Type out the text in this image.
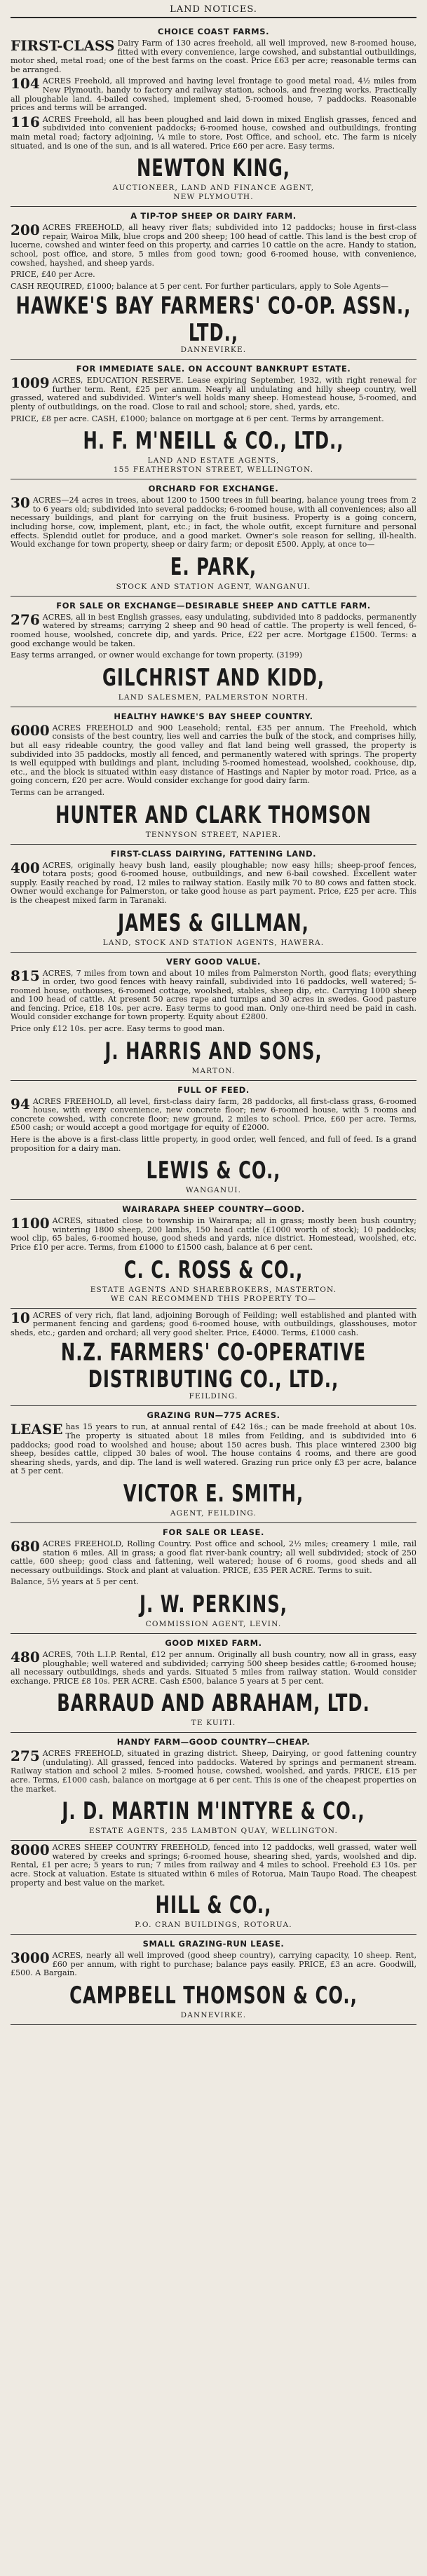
LAND NOTICES.
CHOICE COAST FARMS.
FIRST-CLASS Dairy Farm of 130 acres freehold, all well improved, new 8-roomed house, fitted with every convenience, large cowshed, and substantial outbuildings, motor shed, metal road; one of the best farms on the coast. Price £63 per acre; reasonable terms can be arranged.
104 ACRES Freehold, all improved and having level frontage to good metal road, 4½ miles from New Plymouth, handy to factory and railway station, schools, and freezing works. Practically all ploughable land. 4-bailed cowshed, implement shed, 5-roomed house, 7 paddocks. Reasonable prices and terms will be arranged.
116 ACRES Freehold, all has been ploughed and laid down in mixed English grasses, fenced and subdivided into convenient paddocks; 6-roomed house, cowshed and outbuildings, fronting main metal road; factory adjoining, ¼ mile to store, Post Office, and school, etc. The farm is nicely situated, and is one of the sun, and is all watered. Price £60 per acre. Easy terms.
NEWTON KING,
AUCTIONEER, LAND AND FINANCE AGENT,
NEW PLYMOUTH.
A TIP-TOP SHEEP OR DAIRY FARM.
200 ACRES FREEHOLD, all heavy river flats; subdivided into 12 paddocks; house in first-class repair, Wairoa Milk, blue crops and 200 sheep; 100 head of cattle. This land is the best crop of lucerne, cowshed and winter feed on this property, and carries 10 cattle on the acre. Handy to station, school, post office, and store, 5 miles from good town; good 6-roomed house, with convenience, cowshed, hayshed, and sheep yards.
PRICE, £40 per Acre.
CASH REQUIRED, £1000; balance at 5 per cent. For further particulars, apply to Sole Agents—
HAWKE'S BAY FARMERS' CO-OP. ASSN., LTD.,
DANNEVIRKE.
FOR IMMEDIATE SALE. ON ACCOUNT BANKRUPT ESTATE.
1009 ACRES, EDUCATION RESERVE. Lease expiring September, 1932, with right renewal for further term. Rent, £25 per annum. Nearly all undulating and hilly sheep country, well grassed, watered and subdivided. Winter's well holds many sheep. Homestead house, 5-roomed, and plenty of outbuildings, on the road. Close to rail and school; store, shed, yards, etc.
PRICE, £8 per acre. CASH, £1000; balance on mortgage at 6 per cent. Terms by arrangement.
H. F. M'NEILL & CO., LTD.,
LAND AND ESTATE AGENTS,
155 FEATHERSTON STREET, WELLINGTON.
ORCHARD FOR EXCHANGE.
30 ACRES—24 acres in trees, about 1200 to 1500 trees in full bearing, balance young trees from 2 to 6 years old; subdivided into several paddocks; 6-roomed house, with all conveniences; also all necessary buildings, and plant for carrying on the fruit business. Property is a going concern, including horse, cow, implement, plant, etc.; in fact, the whole outfit, except furniture and personal effects. Splendid outlet for produce, and a good market. Owner's sole reason for selling, ill-health. Would exchange for town property, sheep or dairy farm; or deposit £500. Apply, at once to—
E. PARK,
STOCK AND STATION AGENT, WANGANUI.
FOR SALE OR EXCHANGE—DESIRABLE SHEEP AND CATTLE FARM.
276 ACRES, all in best English grasses, easy undulating, subdivided into 8 paddocks, permanently watered by streams; carrying 2 sheep and 90 head of cattle. The property is well fenced, 6-roomed house, woolshed, concrete dip, and yards. Price, £22 per acre. Mortgage £1500. Terms: a good exchange would be taken.
Easy terms arranged, or owner would exchange for town property. (3199)
GILCHRIST AND KIDD,
LAND SALESMEN, PALMERSTON NORTH.
HEALTHY HAWKE'S BAY SHEEP COUNTRY.
6000 ACRES FREEHOLD and 900 Leasehold; rental, £35 per annum. The Freehold, which consists of the best country, lies well and carries the bulk of the stock, and comprises hilly, but all easy rideable country, the good valley and flat land being well grassed, the property is subdivided into 35 paddocks, mostly all fenced, and permanently watered with springs. The property is well equipped with buildings and plant, including 5-roomed homestead, woolshed, cookhouse, dip, etc., and the block is situated within easy distance of Hastings and Napier by motor road. Price, as a going concern, £20 per acre. Would consider exchange for good dairy farm.
Terms can be arranged.
HUNTER AND CLARK THOMSON
TENNYSON STREET, NAPIER.
FIRST-CLASS DAIRYING, FATTENING LAND.
400 ACRES, originally heavy bush land, easily ploughable; now easy hills; sheep-proof fences, totara posts; good 6-roomed house, outbuildings, and new 6-bail cowshed. Excellent water supply. Easily reached by road, 12 miles to railway station. Easily milk 70 to 80 cows and fatten stock. Owner would exchange for Palmerston, or take good house as part payment. Price, £25 per acre. This is the cheapest mixed farm in Taranaki.
JAMES & GILLMAN,
LAND, STOCK AND STATION AGENTS, HAWERA.
VERY GOOD VALUE.
815 ACRES, 7 miles from town and about 10 miles from Palmerston North, good flats; everything in order, two good fences with heavy rainfall, subdivided into 16 paddocks, well watered; 5-roomed house, outhouses, 6-roomed cottage, woolshed, stables, sheep dip, etc. Carrying 1000 sheep and 100 head of cattle. At present 50 acres rape and turnips and 30 acres in swedes. Good pasture and fencing. Price, £18 10s. per acre. Easy terms to good man. Only one-third need be paid in cash. Would consider exchange for town property. Equity about £2800.
Price only £12 10s. per acre. Easy terms to good man.
J. HARRIS AND SONS,
MARTON.
FULL OF FEED.
94 ACRES FREEHOLD, all level, first-class dairy farm, 28 paddocks, all first-class grass, 6-roomed house, with every convenience, new concrete floor; new 6-roomed house, with 5 rooms and concrete cowshed, with concrete floor; new ground, 2 miles to school. Price, £60 per acre. Terms, £500 cash; or would accept a good mortgage for equity of £2000.
Here is the above is a first-class little property, in good order, well fenced, and full of feed. Is a grand proposition for a dairy man.
LEWIS & CO.,
WANGANUI.
WAIRARAPA SHEEP COUNTRY—GOOD.
1100 ACRES, situated close to township in Wairarapa; all in grass; mostly been bush country; wintering 1800 sheep, 200 lambs, 150 head cattle (£1000 worth of stock); 10 paddocks; wool clip, 65 bales, 6-roomed house, good sheds and yards, nice district. Homestead, woolshed, etc. Price £10 per acre. Terms, from £1000 to £1500 cash, balance at 6 per cent.
C. C. ROSS & CO.,
ESTATE AGENTS AND SHAREBROKERS, MASTERTON.
WE CAN RECOMMEND THIS PROPERTY TO—
10 ACRES of very rich, flat land, adjoining Borough of Feilding; well established and planted with permanent fencing and gardens; good 6-roomed house, with outbuildings, glasshouses, motor sheds, etc.; garden and orchard; all very good shelter. Price, £4000. Terms, £1000 cash.
N.Z. FARMERS' CO-OPERATIVE DISTRIBUTING CO., LTD.,
FEILDING.
GRAZING RUN—775 ACRES.
LEASE has 15 years to run, at annual rental of £42 16s.; can be made freehold at about 10s. The property is situated about 18 miles from Feilding, and is subdivided into 6 paddocks; good road to woolshed and house; about 150 acres bush. This place wintered 2300 big sheep, besides cattle, clipped 30 bales of wool. The house contains 4 rooms, and there are good shearing sheds, yards, and dip. The land is well watered. Grazing run price only £3 per acre, balance at 5 per cent.
VICTOR E. SMITH,
AGENT, FEILDING.
FOR SALE OR LEASE.
680 ACRES FREEHOLD, Rolling Country. Post office and school, 2½ miles; creamery 1 mile, rail station 6 miles. All in grass; a good flat river-bank country; all well subdivided; stock of 250 cattle, 600 sheep; good class and fattening, well watered; house of 6 rooms, good sheds and all necessary outbuildings. Stock and plant at valuation. PRICE, £35 PER ACRE. Terms to suit.
Balance, 5½ years at 5 per cent.
J. W. PERKINS,
COMMISSION AGENT, LEVIN.
GOOD MIXED FARM.
480 ACRES, 70th L.I.P. Rental, £12 per annum. Originally all bush country, now all in grass, easy ploughable; well watered and subdivided; carrying 500 sheep besides cattle; 6-roomed house; all necessary outbuildings, sheds and yards. Situated 5 miles from railway station. Would consider exchange. PRICE £8 10s. PER ACRE. Cash £500, balance 5 years at 5 per cent.
BARRAUD AND ABRAHAM, LTD.
TE KUITI.
HANDY FARM—GOOD COUNTRY—CHEAP.
275 ACRES FREEHOLD, situated in grazing district. Sheep, Dairying, or good fattening country (undulating). All grassed, fenced into paddocks. Watered by springs and permanent stream. Railway station and school 2 miles. 5-roomed house, cowshed, woolshed, and yards. PRICE, £15 per acre. Terms, £1000 cash, balance on mortgage at 6 per cent. This is one of the cheapest properties on the market.
J. D. MARTIN M'INTYRE & CO.,
ESTATE AGENTS, 235 LAMBTON QUAY, WELLINGTON.
8000 ACRES SHEEP COUNTRY FREEHOLD, fenced into 12 paddocks, well grassed, water well watered by creeks and springs; 6-roomed house, shearing shed, yards, woolshed and dip. Rental, £1 per acre; 5 years to run; 7 miles from railway and 4 miles to school. Freehold £3 10s. per acre. Stock at valuation. Estate is situated within 6 miles of Rotorua, Main Taupo Road. The cheapest property and best value on the market.
HILL & CO.,
P.O. CRAN BUILDINGS, ROTORUA.
SMALL GRAZING-RUN LEASE.
3000 ACRES, nearly all well improved (good sheep country), carrying capacity, 10 sheep. Rent, £60 per annum, with right to purchase; balance pays easily. PRICE, £3 an acre. Goodwill, £500. A Bargain.
CAMPBELL THOMSON & CO.,
DANNEVIRKE.
